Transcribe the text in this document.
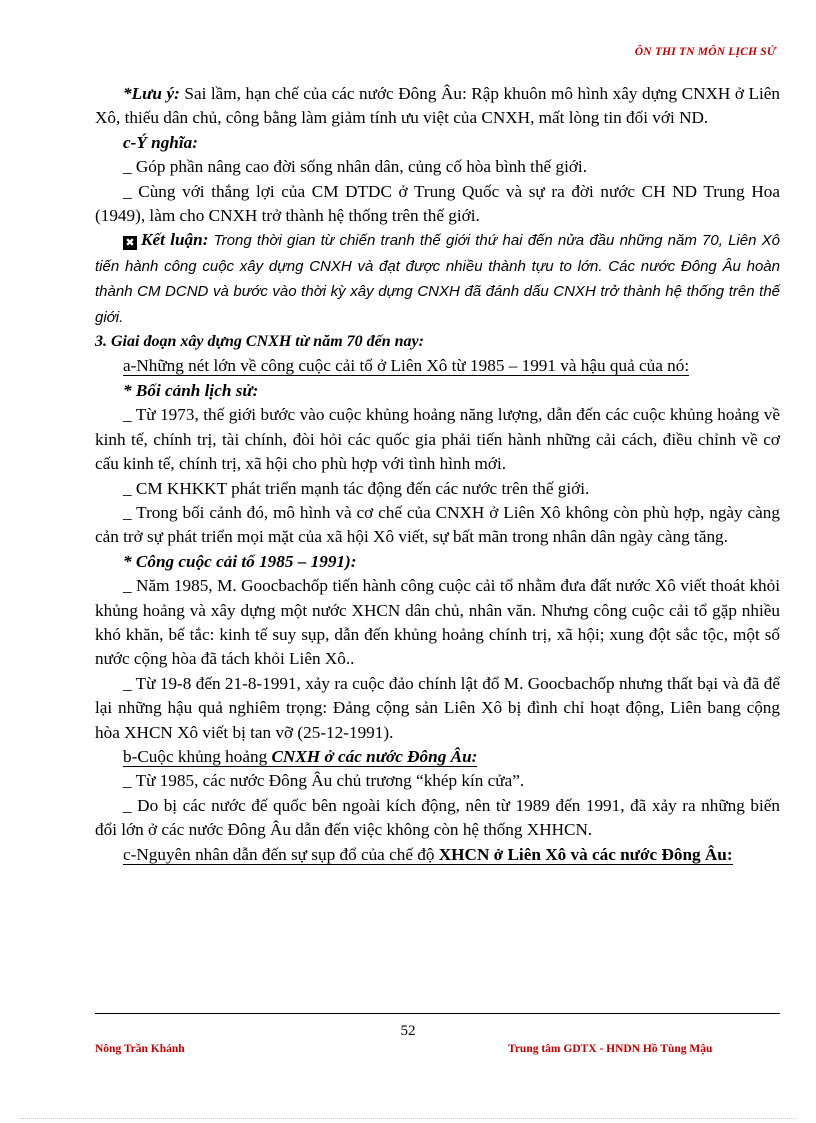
ÔN THI TN MÔN LỊCH SỬ

*Lưu ý: Sai lầm, hạn chế của các nước Đông Âu: Rập khuôn mô hình xây dựng CNXH ở Liên Xô, thiếu dân chủ, công bằng làm giảm tính ưu việt của CNXH, mất lòng tin đối với ND.

c-Ý nghĩa:

_ Góp phần nâng cao đời sống nhân dân, củng cố hòa bình thế giới.

_ Cùng với thắng lợi của CM DTDC ở Trung Quốc và sự ra đời nước CH ND Trung Hoa (1949), làm cho CNXH trở thành hệ thống trên thế giới.

✖ Kết luận: Trong thời gian từ chiến tranh thế giới thứ hai đến nửa đầu những năm 70, Liên Xô tiến hành công cuộc xây dựng CNXH và đạt được nhiều thành tựu to lớn. Các nước Đông Âu hoàn thành CM DCND và bước vào thời kỳ xây dựng CNXH đã đánh dấu CNXH trở thành hệ thống trên thế giới.

3. Giai đoạn xây dựng CNXH từ năm 70 đến nay:

a-Những nét lớn về công cuộc cải tổ ở Liên Xô từ 1985 – 1991 và hậu quả của nó:

* Bối cảnh lịch sử:

_ Từ 1973, thế giới bước vào cuộc khủng hoảng năng lượng, dẫn đến các cuộc khủng hoảng về kinh tế, chính trị, tài chính, đòi hỏi các quốc gia phải tiến hành những cải cách, điều chỉnh về cơ cấu kinh tế, chính trị, xã hội cho phù hợp với tình hình mới.

_ CM KHKKT phát triển mạnh tác động đến các nước trên thế giới.

_ Trong bối cảnh đó, mô hình và cơ chế của CNXH ở Liên Xô không còn phù hợp, ngày càng cản trở sự phát triển mọi mặt của xã hội Xô viết, sự bất mãn trong nhân dân ngày càng tăng.

* Công cuộc cải tổ 1985 – 1991):

_ Năm 1985, M. Goocbachốp tiến hành công cuộc cải tổ nhằm đưa đất nước Xô viết thoát khỏi khủng hoảng và xây dựng một nước XHCN dân chủ, nhân văn. Nhưng công cuộc cải tổ gặp nhiều khó khăn, bế tắc: kinh tế suy sụp, dẫn đến khủng hoảng chính trị, xã hội; xung đột sắc tộc, một số nước cộng hòa đã tách khỏi Liên Xô..

_ Từ 19-8 đến 21-8-1991, xảy ra cuộc đảo chính lật đổ M. Goocbachốp nhưng thất bại và đã để lại những hậu quả nghiêm trọng: Đảng cộng sản Liên Xô bị đình chỉ hoạt động, Liên bang cộng hòa XHCN Xô viết bị tan vỡ (25-12-1991).

b-Cuộc khủng hoảng CNXH ở các nước Đông Âu:

_ Từ 1985, các nước Đông Âu chủ trương “khép kín cửa”.

_ Do bị các nước đế quốc bên ngoài kích động, nên từ 1989 đến 1991, đã xảy ra những biến đổi lớn ở các nước Đông Âu dẫn đến việc không còn hệ thống XHHCN.

c-Nguyên nhân dẫn đến sự sụp đổ của chế độ XHCN ở Liên Xô và các nước Đông Âu:

52
Nông Trần Khánh	Trung tâm GDTX - HNDN Hồ Tùng Mậu
